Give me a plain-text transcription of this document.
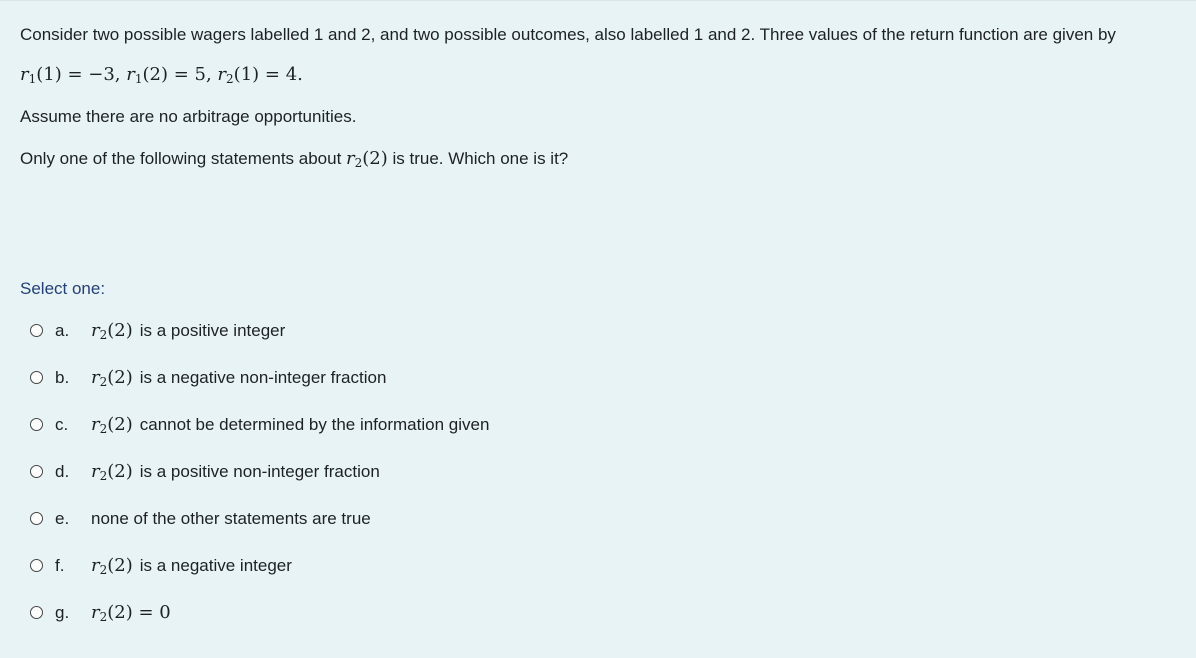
Consider two possible wagers labelled 1 and 2, and two possible outcomes, also labelled 1 and 2. Three values of the return function are given by

$r_1(1) = -3$, $r_1(2) = 5$, $r_2(1) = 4$.

Assume there are no arbitrage opportunities.

Only one of the following statements about $r_2(2)$ is true. Which one is it?

Select one:
a.	$r_2(2)$ is a positive integer
b.	$r_2(2)$ is a negative non-integer fraction
c.	$r_2(2)$ cannot be determined by the information given
d.	$r_2(2)$ is a positive non-integer fraction
e.	none of the other statements are true
f.	$r_2(2)$ is a negative integer
g.	$r_2(2) = 0$
